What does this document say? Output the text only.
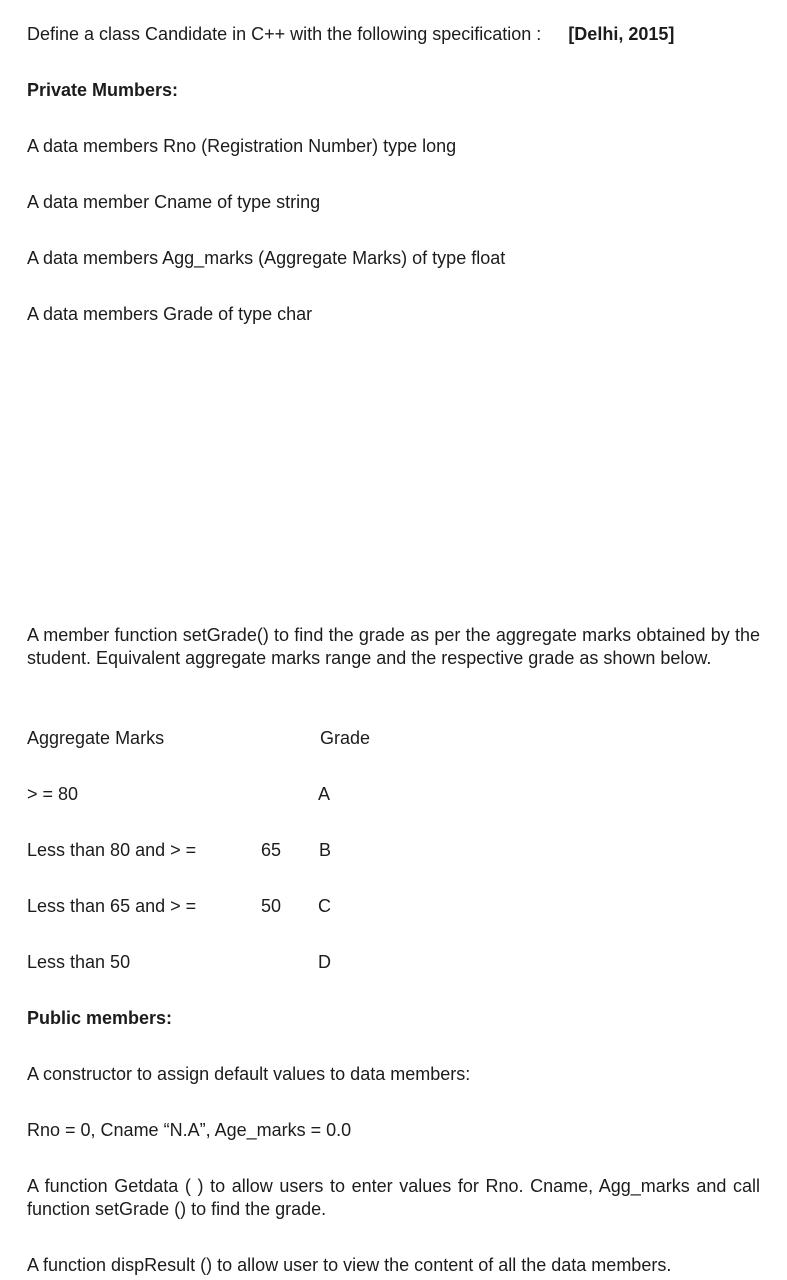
Define a class Candidate in C++ with the following specification : [Delhi, 2015]
Private Mumbers:
A data members Rno (Registration Number) type long
A data member Cname of type string
A data members Agg_marks (Aggregate Marks) of type float
A data members Grade of type char
A member function setGrade() to find the grade as per the aggregate marks obtained by the student. Equivalent aggregate marks range and the respective grade as shown below.
Aggregate Marks	Grade
> = 80	A
Less than 80 and > =	65 B
Less than 65 and > =	50 C
Less than 50	D
Public members:
A constructor to assign default values to data members:
Rno = 0, Cname “N.A”, Age_marks = 0.0
A function Getdata ( ) to allow users to enter values for Rno. Cname, Agg_marks and call function setGrade () to find the grade.
A function dispResult () to allow user to view the content of all the data members.
